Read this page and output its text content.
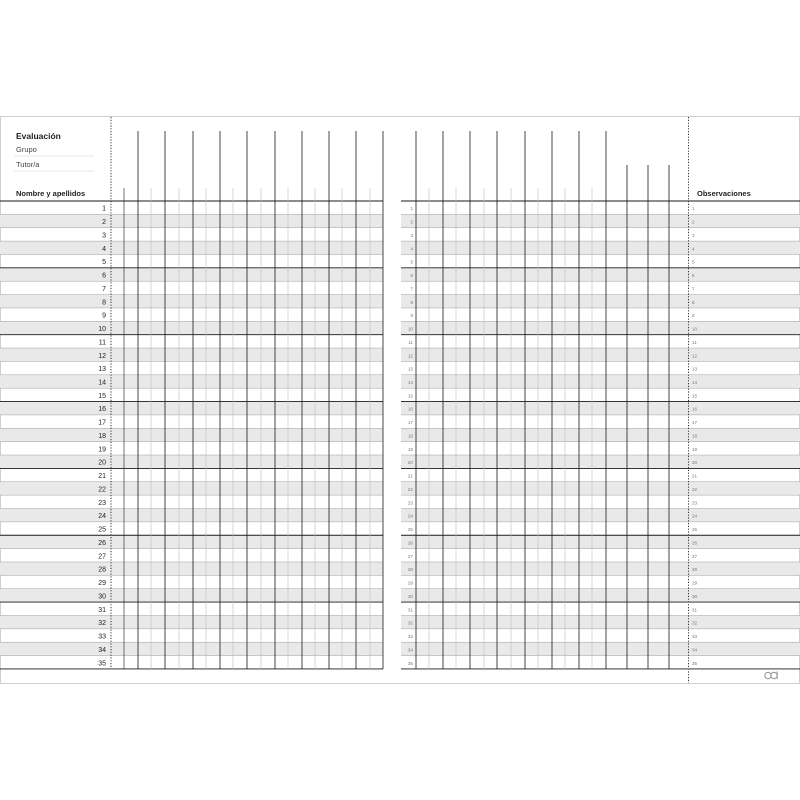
Evaluación
Grupo
Tutor/a
Nombre y apellidos	Observaciones
1	1	1
2	2	2
3	3	3
4	4	4
5	5	5
6	6	6
7	7	7
8	8	8
9	9	9
10	10	10
11	11	11
12	12	12
13	13	13
14	14	14
15	15	15
16	16	16
17	17	17
18	18	18
19	19	19
20	20	20
21	21	21
22	22	22
23	23	23
24	24	24
25	25	25
26	26	26
27	27	27
28	28	28
29	29	29
30	30	30
31	31	31
32	32	32
33	33	33
34	34	34
35	35	35
